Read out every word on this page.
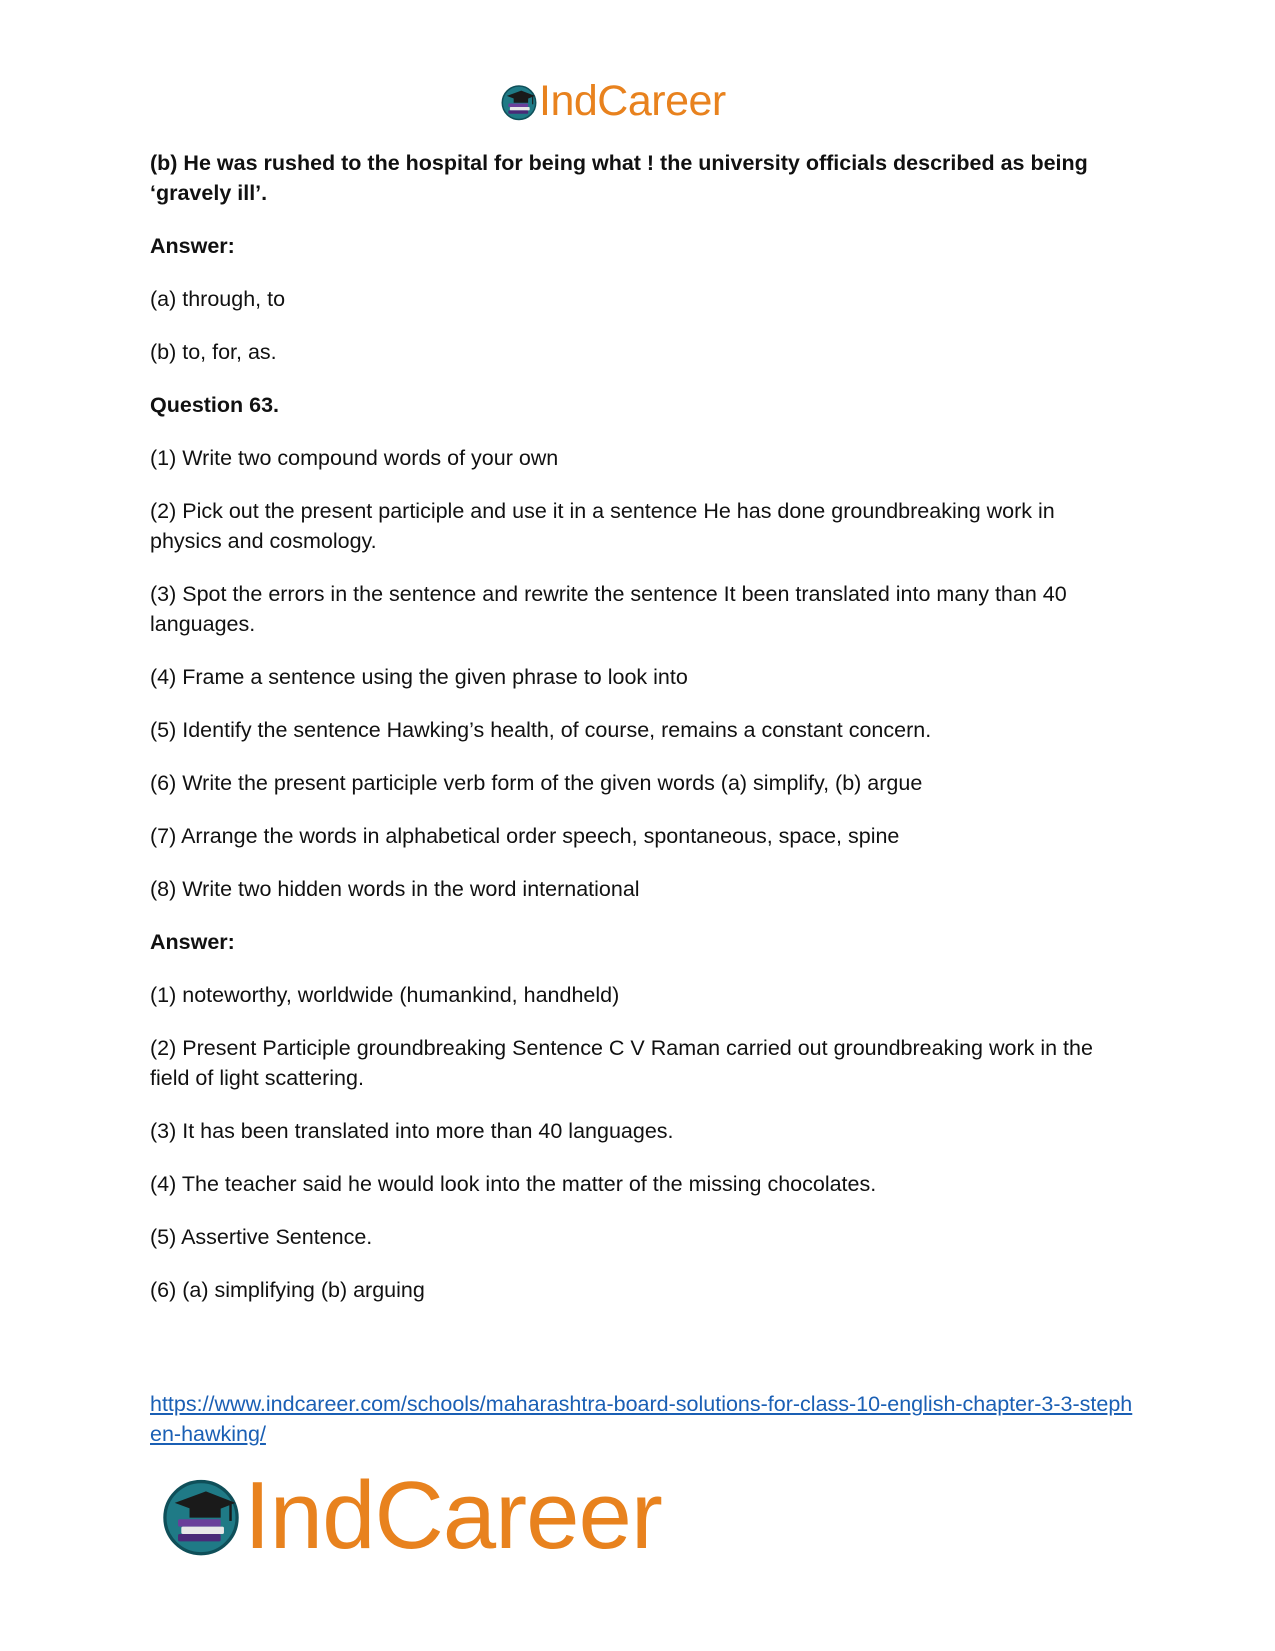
IndCareer

(b) He was rushed to the hospital for being what ! the university officials described as being ‘gravely ill’.

Answer:

(a) through, to

(b) to, for, as.

Question 63.

(1) Write two compound words of your own

(2) Pick out the present participle and use it in a sentence He has done groundbreaking work in physics and cosmology.

(3) Spot the errors in the sentence and rewrite the sentence It been translated into many than 40 languages.

(4) Frame a sentence using the given phrase to look into

(5) Identify the sentence Hawking’s health, of course, remains a constant concern.

(6) Write the present participle verb form of the given words (a) simplify, (b) argue

(7) Arrange the words in alphabetical order speech, spontaneous, space, spine

(8) Write two hidden words in the word international

Answer:

(1) noteworthy, worldwide (humankind, handheld)

(2) Present Participle groundbreaking Sentence C V Raman carried out groundbreaking work in the field of light scattering.

(3) It has been translated into more than 40 languages.

(4) The teacher said he would look into the matter of the missing chocolates.

(5) Assertive Sentence.

(6) (a) simplifying (b) arguing

https://www.indcareer.com/schools/maharashtra-board-solutions-for-class-10-english-chapter-3-3-stephen-hawking/
IndCareer
